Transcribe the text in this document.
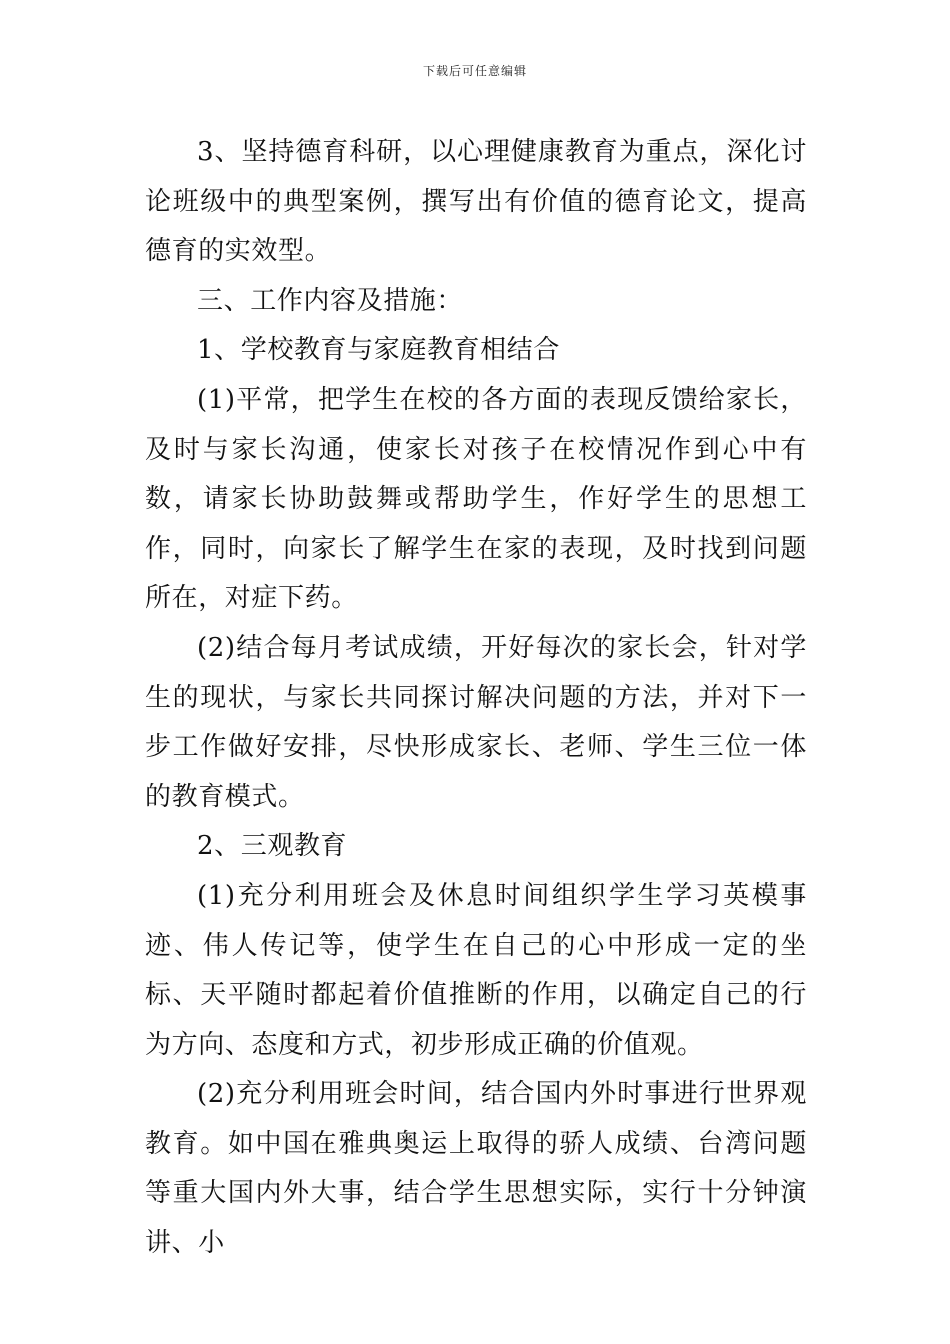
下载后可任意编辑

3、坚持德育科研，以心理健康教育为重点，深化讨论班级中的典型案例，撰写出有价值的德育论文，提高德育的实效型。

三、工作内容及措施：

1、学校教育与家庭教育相结合

(1)平常，把学生在校的各方面的表现反馈给家长，及时与家长沟通，使家长对孩子在校情况作到心中有数，请家长协助鼓舞或帮助学生，作好学生的思想工作，同时，向家长了解学生在家的表现，及时找到问题所在，对症下药。

(2)结合每月考试成绩，开好每次的家长会，针对学生的现状，与家长共同探讨解决问题的方法，并对下一步工作做好安排，尽快形成家长、老师、学生三位一体的教育模式。

2、三观教育

(1)充分利用班会及休息时间组织学生学习英模事迹、伟人传记等，使学生在自己的心中形成一定的坐标、天平随时都起着价值推断的作用，以确定自己的行为方向、态度和方式，初步形成正确的价值观。

(2)充分利用班会时间，结合国内外时事进行世界观教育。如中国在雅典奥运上取得的骄人成绩、台湾问题等重大国内外大事，结合学生思想实际，实行十分钟演讲、小
